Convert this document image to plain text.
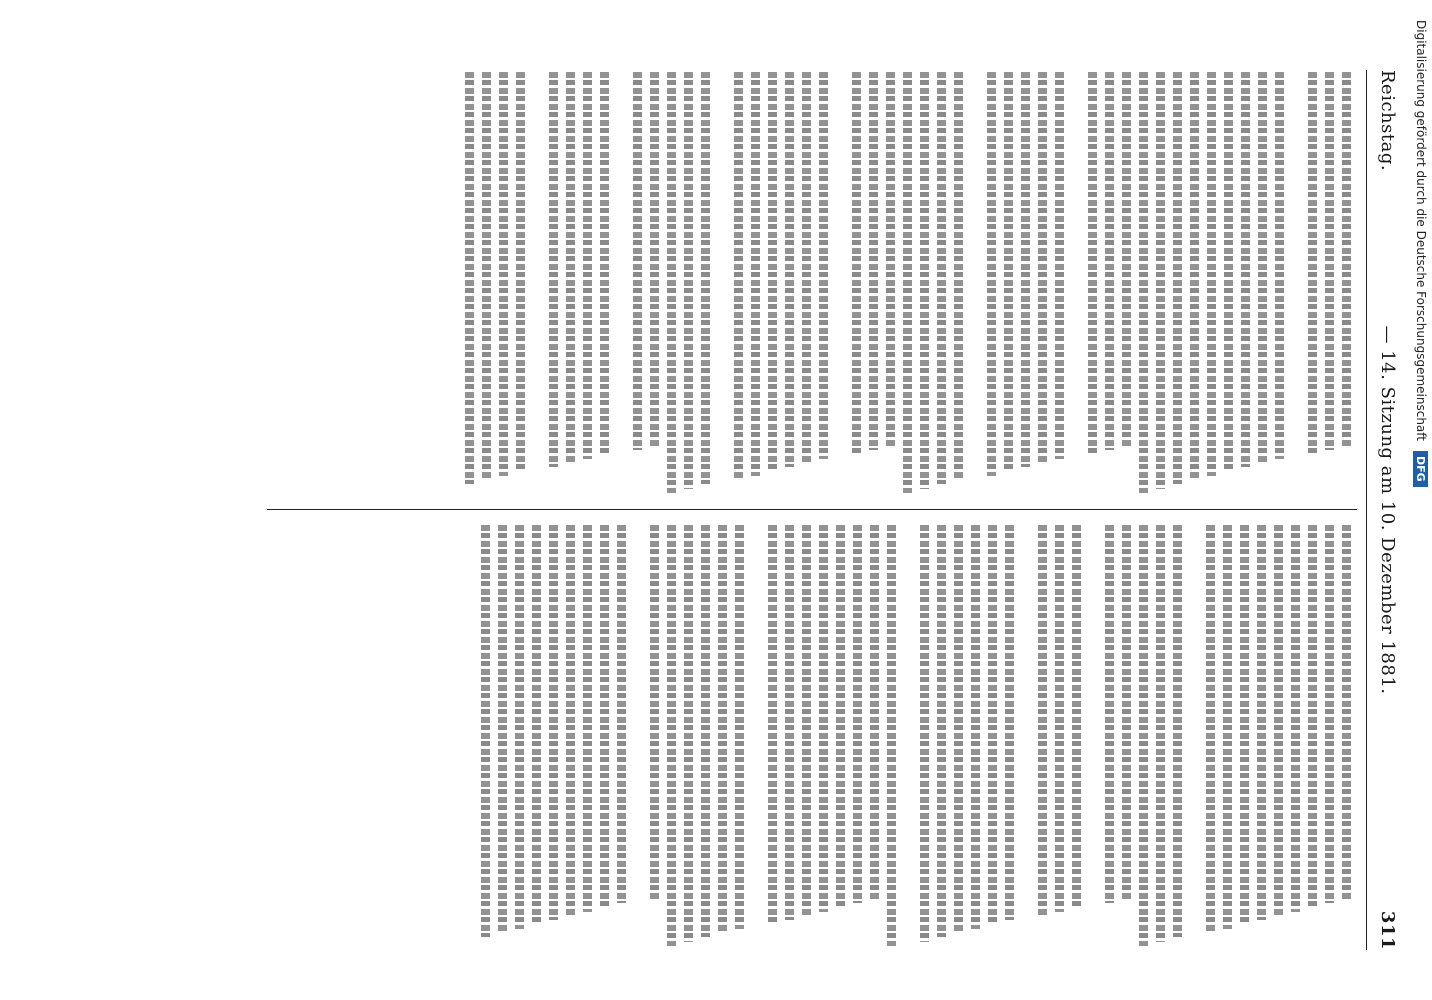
Reichstag.
— 14. Sitzung am 10. Dezember 1881.
311
Digitalisierung gefördert durch die Deutsche Forschungsgemeinschaft
DFG
